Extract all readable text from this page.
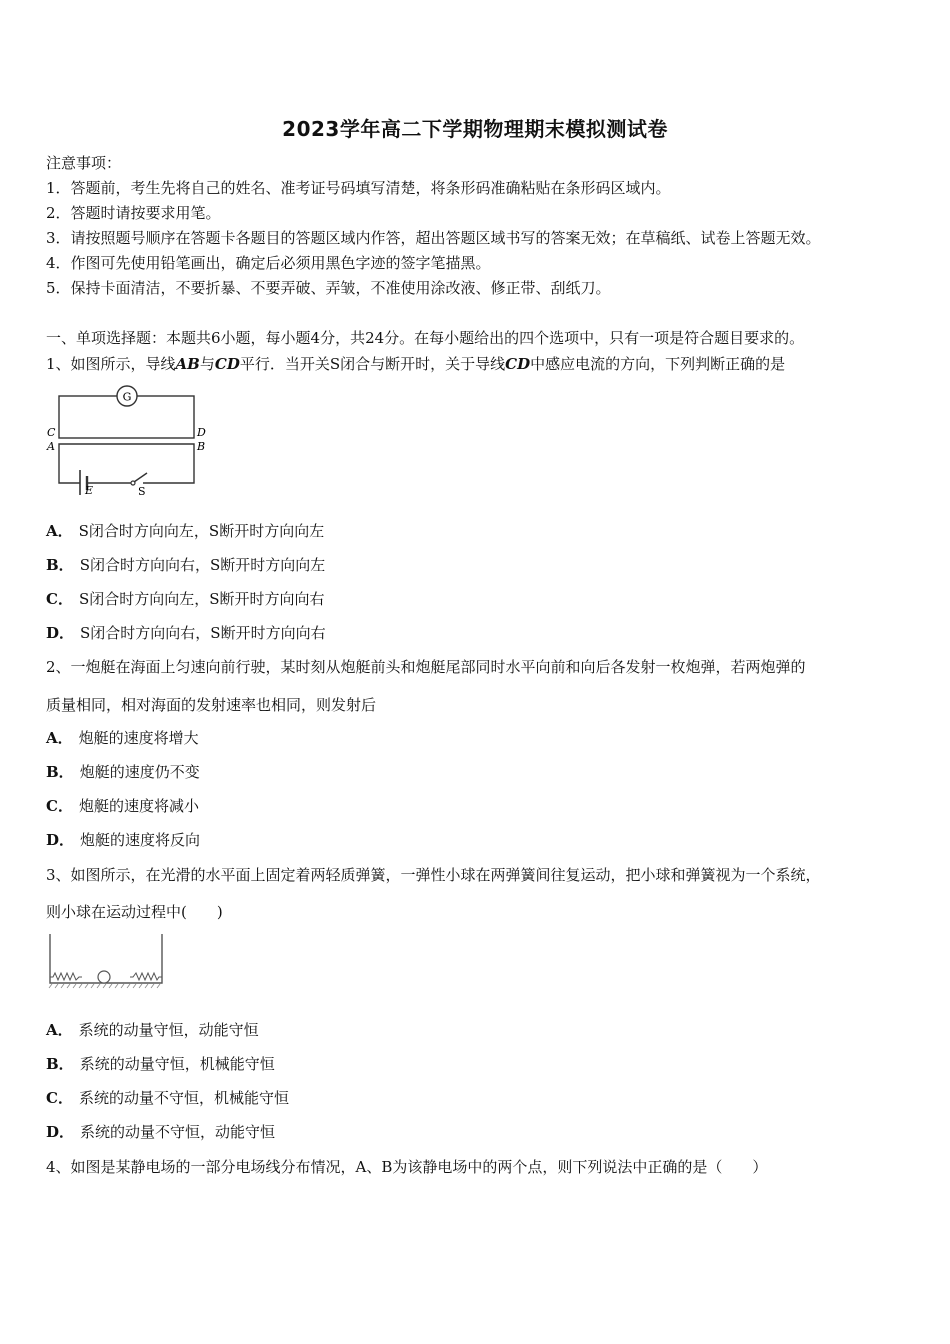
2023学年高二下学期物理期末模拟测试卷
注意事项：
1．答题前，考生先将自己的姓名、准考证号码填写清楚，将条形码准确粘贴在条形码区域内。
2．答题时请按要求用笔。
3．请按照题号顺序在答题卡各题目的答题区域内作答，超出答题区域书写的答案无效；在草稿纸、试卷上答题无效。
4．作图可先使用铅笔画出，确定后必须用黑色字迹的签字笔描黑。
5．保持卡面清洁，不要折暴、不要弄破、弄皱，不准使用涂改液、修正带、刮纸刀。
一、单项选择题：本题共6小题，每小题4分，共24分。在每小题给出的四个选项中，只有一项是符合题目要求的。
1、如图所示，导线AB与CD平行．当开关S闭合与断开时，关于导线CD中感应电流的方向，下列判断正确的是
G
C
A
D
B
E	S
A． S闭合时方向向左，S断开时方向向左
B． S闭合时方向向右，S断开时方向向左
C． S闭合时方向向左，S断开时方向向右
D． S闭合时方向向右，S断开时方向向右
2、一炮艇在海面上匀速向前行驶，某时刻从炮艇前头和炮艇尾部同时水平向前和向后各发射一枚炮弹，若两炮弹的
质量相同，相对海面的发射速率也相同，则发射后
A． 炮艇的速度将增大
B． 炮艇的速度仍不变
C． 炮艇的速度将减小
D． 炮艇的速度将反向
3、如图所示，在光滑的水平面上固定着两轻质弹簧，一弹性小球在两弹簧间往复运动，把小球和弹簧视为一个系统，
则小球在运动过程中(　　)
A． 系统的动量守恒，动能守恒
B． 系统的动量守恒，机械能守恒
C． 系统的动量不守恒，机械能守恒
D． 系统的动量不守恒，动能守恒
4、如图是某静电场的一部分电场线分布情况，A、B为该静电场中的两个点，则下列说法中正确的是（　　）
